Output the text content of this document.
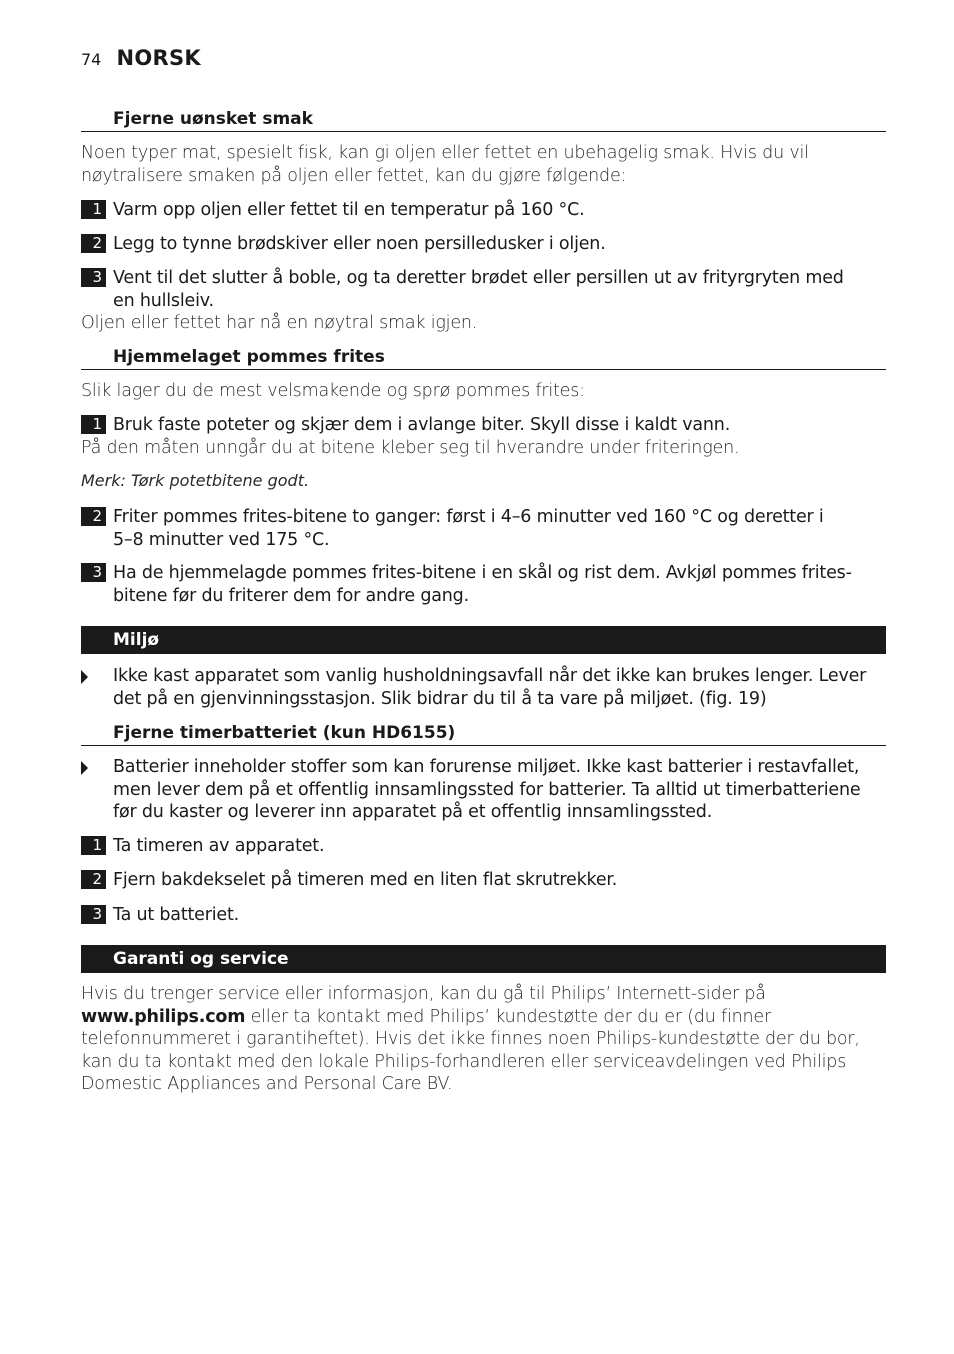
74 NORSK
Fjerne uønsket smak
Noen typer mat, spesielt fisk, kan gi oljen eller fettet en ubehagelig smak. Hvis du vil nøytralisere smaken på oljen eller fettet, kan du gjøre følgende:
1 Varm opp oljen eller fettet til en temperatur på 160 °C.
2 Legg to tynne brødskiver eller noen persilledusker i oljen.
3 Vent til det slutter å boble, og ta deretter brødet eller persillen ut av frityrgryten med en hullsleiv.
Oljen eller fettet har nå en nøytral smak igjen.
Hjemmelaget pommes frites
Slik lager du de mest velsmakende og sprø pommes frites:
1 Bruk faste poteter og skjær dem i avlange biter. Skyll disse i kaldt vann.
På den måten unngår du at bitene kleber seg til hverandre under friteringen.
Merk: Tørk potetbitene godt.
2 Friter pommes frites-bitene to ganger: først i 4–6 minutter ved 160 °C og deretter i 5–8 minutter ved 175 °C.
3 Ha de hjemmelagde pommes frites-bitene i en skål og rist dem. Avkjøl pommes frites-bitene før du friterer dem for andre gang.
Miljø
Ikke kast apparatet som vanlig husholdningsavfall når det ikke kan brukes lenger. Lever det på en gjenvinningsstasjon. Slik bidrar du til å ta vare på miljøet. (fig. 19)
Fjerne timerbatteriet (kun HD6155)
Batterier inneholder stoffer som kan forurense miljøet. Ikke kast batterier i restavfallet, men lever dem på et offentlig innsamlingssted for batterier. Ta alltid ut timerbatteriene før du kaster og leverer inn apparatet på et offentlig innsamlingssted.
1 Ta timeren av apparatet.
2 Fjern bakdekselet på timeren med en liten flat skrutrekker.
3 Ta ut batteriet.
Garanti og service
Hvis du trenger service eller informasjon, kan du gå til Philips’ Internett-sider på www.philips.com eller ta kontakt med Philips’ kundestøtte der du er (du finner telefonnummeret i garantiheftet). Hvis det ikke finnes noen Philips-kundestøtte der du bor, kan du ta kontakt med den lokale Philips-forhandleren eller serviceavdelingen ved Philips Domestic Appliances and Personal Care BV.
